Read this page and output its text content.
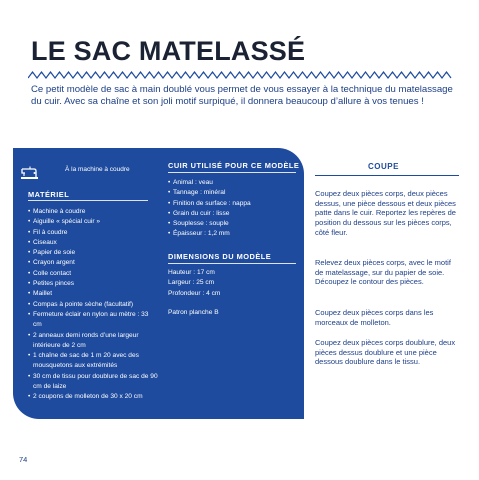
LE SAC MATELASSÉ

Ce petit modèle de sac à main doublé vous permet de vous essayer à la technique du matelassage du cuir. Avec sa chaîne et son joli motif surpiqué, il donnera beaucoup d’allure à vos tenues !

À la machine à coudre
MATÉRIEL
• Machine à coudre
• Aiguille « spécial cuir »
• Fil à coudre
• Ciseaux
• Papier de soie
• Crayon argent
• Colle contact
• Petites pinces
• Maillet
• Compas à pointe sèche (facultatif)
• Fermeture éclair en nylon au mètre : 33 cm
• 2 anneaux demi ronds d’une largeur intérieure de 2 cm
• 1 chaîne de sac de 1 m 20 avec des mousquetons aux extrémités
• 30 cm de tissu pour doublure de sac de 90 cm de laize
• 2 coupons de molleton de 30 x 20 cm
CUIR UTILISÉ POUR CE MODÈLE
• Animal : veau
• Tannage : minéral
• Finition de surface : nappa
• Grain du cuir : lisse
• Souplesse : souple
• Épaisseur : 1,2 mm
DIMENSIONS DU MODÈLE
Hauteur : 17 cm
Largeur : 25 cm
Profondeur : 4 cm
Patron planche B
COUPE

Coupez deux pièces corps, deux pièces dessus, une pièce dessous et deux pièces patte dans le cuir. Reportez les repères de position du dessous sur les pièces corps, côté fleur.

Relevez deux pièces corps, avec le motif de matelassage, sur du papier de soie. Découpez le contour des pièces.

Coupez deux pièces corps dans les morceaux de molleton.

Coupez deux pièces corps doublure, deux pièces dessus doublure et une pièce dessous doublure dans le tissu.

74
